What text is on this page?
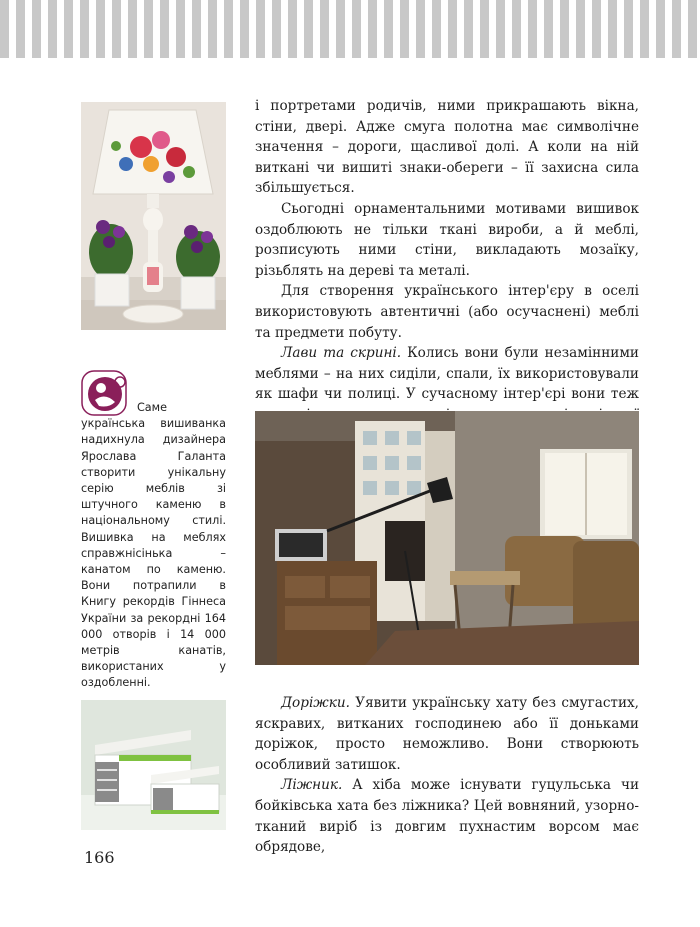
і портретами родичів, ними прикрашають вікна, стіни, двері. Адже смуга полотна має символічне значення – дороги, щасливої долі. А коли на ній виткані чи вишиті знаки-обереги – її захисна сила збільшується.

Сьогодні орнаментальними мотивами вишивок оздоблюють не тільки ткані вироби, а й меблі, розписують ними стіни, викладають мозаїку, різьблять на дереві та металі.

Для створення українського інтер'єру в оселі використовують автентичні (або осучаснені) меблі та предмети побуту.

Лави та скрині. Колись вони були незамінними меблями – на них сиділи, спали, їх використовували як шафи чи полиці. У сучасному інтер'єрі вони теж

Саме українська вишиванка надихнула дизайнера Ярослава Галанта створити унікальну серію меблів зі штучного каменю в національному стилі. Вишивка на меблях справжнісінька – канатом по каменю. Вони потрапили в Книгу рекордів Гіннеса України за рекордні 164 000 отворів і 14 000 метрів канатів, використаних у оздобленні.

Доріжки. Уявити українську хату без смугастих, яскравих, витканих господинею або її доньками доріжок, просто неможливо. Вони створюють особливий затишок.

Ліжник. А хіба може існувати гуцульська чи бойківська хата без ліжника? Цей вовняний, узорно-тканий виріб із довгим пухнастим ворсом має обрядове,

166
